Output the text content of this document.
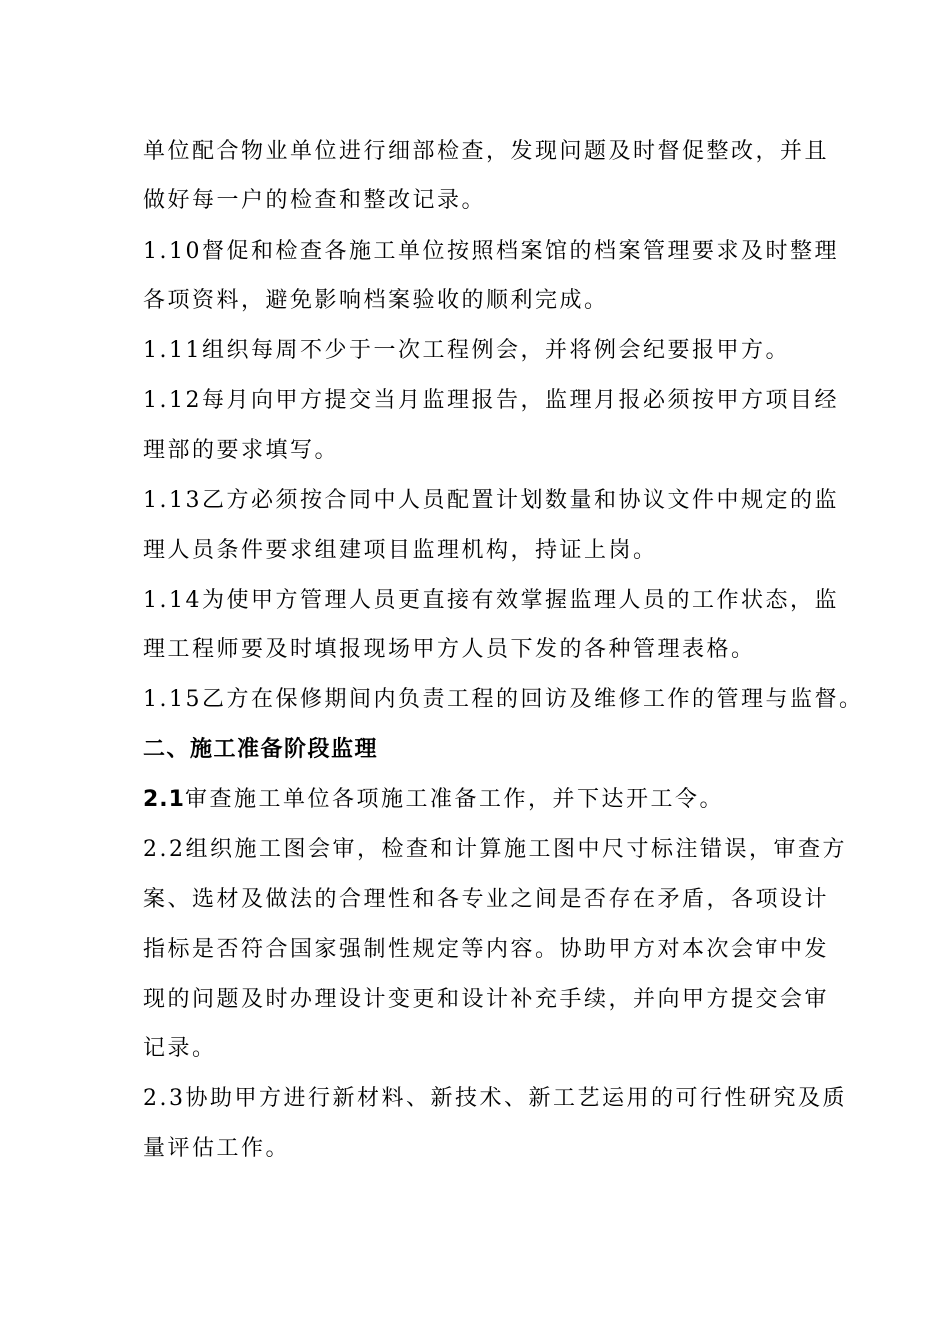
单位配合物业单位进行细部检查，发现问题及时督促整改，并且
做好每一户的检查和整改记录。
1.10督促和检查各施工单位按照档案馆的档案管理要求及时整理
各项资料，避免影响档案验收的顺利完成。
1.11组织每周不少于一次工程例会，并将例会纪要报甲方。
1.12每月向甲方提交当月监理报告，监理月报必须按甲方项目经
理部的要求填写。
1.13乙方必须按合同中人员配置计划数量和协议文件中规定的监
理人员条件要求组建项目监理机构，持证上岗。
1.14为使甲方管理人员更直接有效掌握监理人员的工作状态，监
理工程师要及时填报现场甲方人员下发的各种管理表格。
1.15乙方在保修期间内负责工程的回访及维修工作的管理与监督。
二、施工准备阶段监理
2.1审查施工单位各项施工准备工作，并下达开工令。
2.2组织施工图会审，检查和计算施工图中尺寸标注错误，审查方
案、选材及做法的合理性和各专业之间是否存在矛盾，各项设计
指标是否符合国家强制性规定等内容。协助甲方对本次会审中发
现的问题及时办理设计变更和设计补充手续，并向甲方提交会审
记录。
2.3协助甲方进行新材料、新技术、新工艺运用的可行性研究及质
量评估工作。
